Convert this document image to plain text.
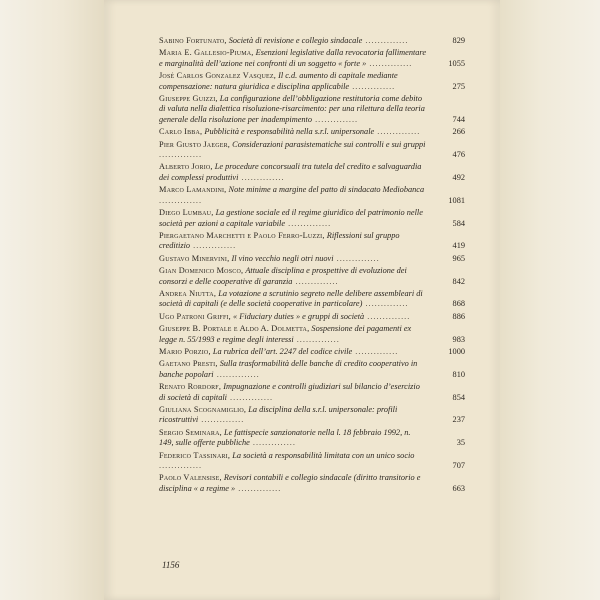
Sabino Fortunato, Società di revisione e collegio sindacale ..............	829
Maria E. Gallesio-Piuma, Esenzioni legislative dalla revocatoria fallimentare e marginalità dell’azione nei confronti di un soggetto « forte » ..............	1055
José Carlos Gonzalez Vasquez, Il c.d. aumento di capitale mediante compensazione: natura giuridica e disciplina applicabile ..............	275
Giuseppe Guizzi, La configurazione dell’obbligazione restitutoria come debito di valuta nella dialettica risoluzione-risarcimento: per una rilettura della teoria generale della risoluzione per inadempimento ..............	744
Carlo Ibba, Pubblicità e responsabilità nella s.r.l. unipersonale ..............	266
Pier Giusto Jaeger, Considerazioni parasistematiche sui controlli e sui gruppi ..............	476
Alberto Jorio, Le procedure concorsuali tra tutela del credito e salvaguardia dei complessi produttivi ..............	492
Marco Lamandini, Note minime a margine del patto di sindacato Mediobanca ..............	1081
Diego Lumbau, La gestione sociale ed il regime giuridico del patrimonio nelle società per azioni a capitale variabile ..............	584
Piergaetano Marchetti e Paolo Ferro-Luzzi, Riflessioni sul gruppo creditizio ..............	419
Gustavo Minervini, Il vino vecchio negli otri nuovi ..............	965
Gian Domenico Mosco, Attuale disciplina e prospettive di evoluzione dei consorzi e delle cooperative di garanzia ..............	842
Andrea Niutta, La votazione a scrutinio segreto nelle delibere assembleari di società di capitali (e delle società cooperative in particolare) ..............	868
Ugo Patroni Griffi, « Fiduciary duties » e gruppi di società ..............	886
Giuseppe B. Portale e Aldo A. Dolmetta, Sospensione dei pagamenti ex legge n. 55/1993 e regime degli interessi ..............	983
Mario Porzio, La rubrica dell’art. 2247 del codice civile ..............	1000
Gaetano Presti, Sulla trasformabilità delle banche di credito cooperativo in banche popolari ..............	810
Renato Rordorf, Impugnazione e controlli giudiziari sul bilancio d’esercizio di società di capitali ..............	854
Giuliana Scognamiglio, La disciplina della s.r.l. unipersonale: profili ricostruttivi ..............	237
Sergio Seminara, Le fattispecie sanzionatorie nella l. 18 febbraio 1992, n. 149, sulle offerte pubbliche ..............	35
Federico Tassinari, La società a responsabilità limitata con un unico socio ..............	707
Paolo Valensise, Revisori contabili e collegio sindacale (diritto transitorio e disciplina « a regime » ..............	663
1156
